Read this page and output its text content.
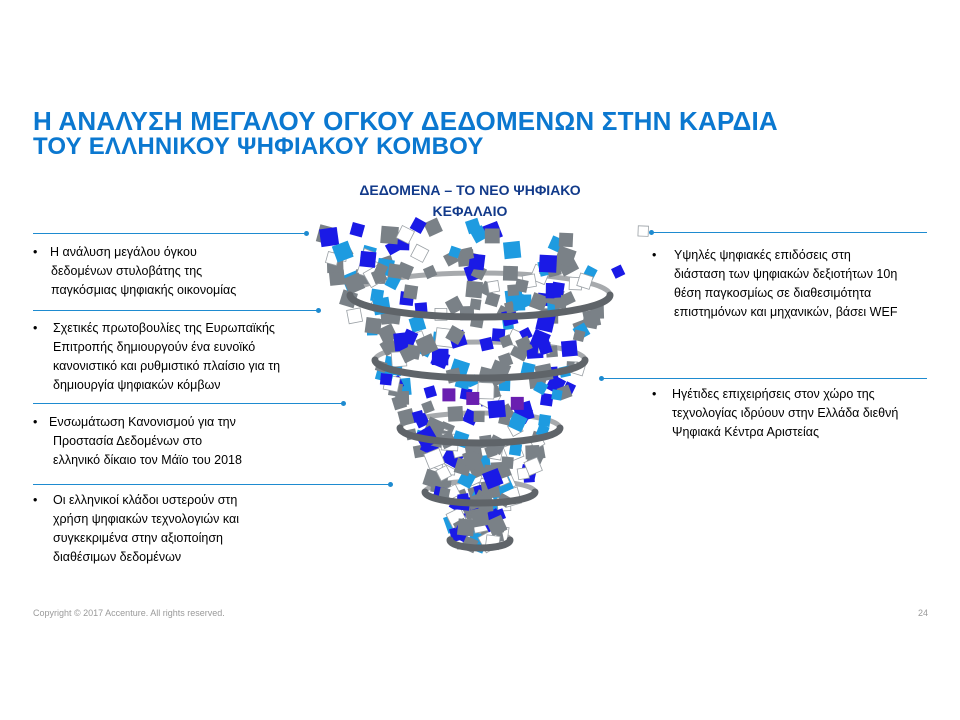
Η ΑΝΑΛΥΣΗ ΜΕΓΑΛΟΥ ΟΓΚΟΥ ΔΕΔΟΜΕΝΩΝ ΣΤΗΝ ΚΑΡΔΙΑ
ΤΟΥ ΕΛΛΗΝΙΚΟΥ ΨΗΦΙΑΚΟΥ ΚΟΜΒΟΥ
ΔΕΔΟΜΕΝΑ – ΤΟ ΝΕΟ ΨΗΦΙΑΚΟ
ΚΕΦΑΛΑΙΟ
•	Η ανάλυση μεγάλου όγκου
δεδομένων στυλοβάτης της
παγκόσμιας ψηφιακής οικονομίας
•	Σχετικές πρωτοβουλίες της Ευρωπαϊκής
Επιτροπής δημιουργούν ένα ευνοϊκό
κανονιστικό και ρυθμιστικό πλαίσιο για τη
δημιουργία ψηφιακών κόμβων
• Ενσωμάτωση Κανονισμού για την
Προστασία Δεδομένων στο
ελληνικό δίκαιο τον Μάϊο του 2018
•	Οι ελληνικοί κλάδοι υστερούν στη
χρήση ψηφιακών τεχνολογιών και
συγκεκριμένα στην αξιοποίηση
διαθέσιμων δεδομένων
•	Υψηλές ψηφιακές επιδόσεις στη
διάσταση των ψηφιακών δεξιοτήτων 10η
θέση παγκοσμίως σε διαθεσιμότητα
επιστημόνων και μηχανικών, βάσει WEF
•	Ηγέτιδες επιχειρήσεις στον χώρο της
τεχνολογίας ιδρύουν στην Ελλάδα διεθνή
Ψηφιακά Κέντρα Αριστείας
Copyright © 2017 Accenture. All rights reserved.	24
